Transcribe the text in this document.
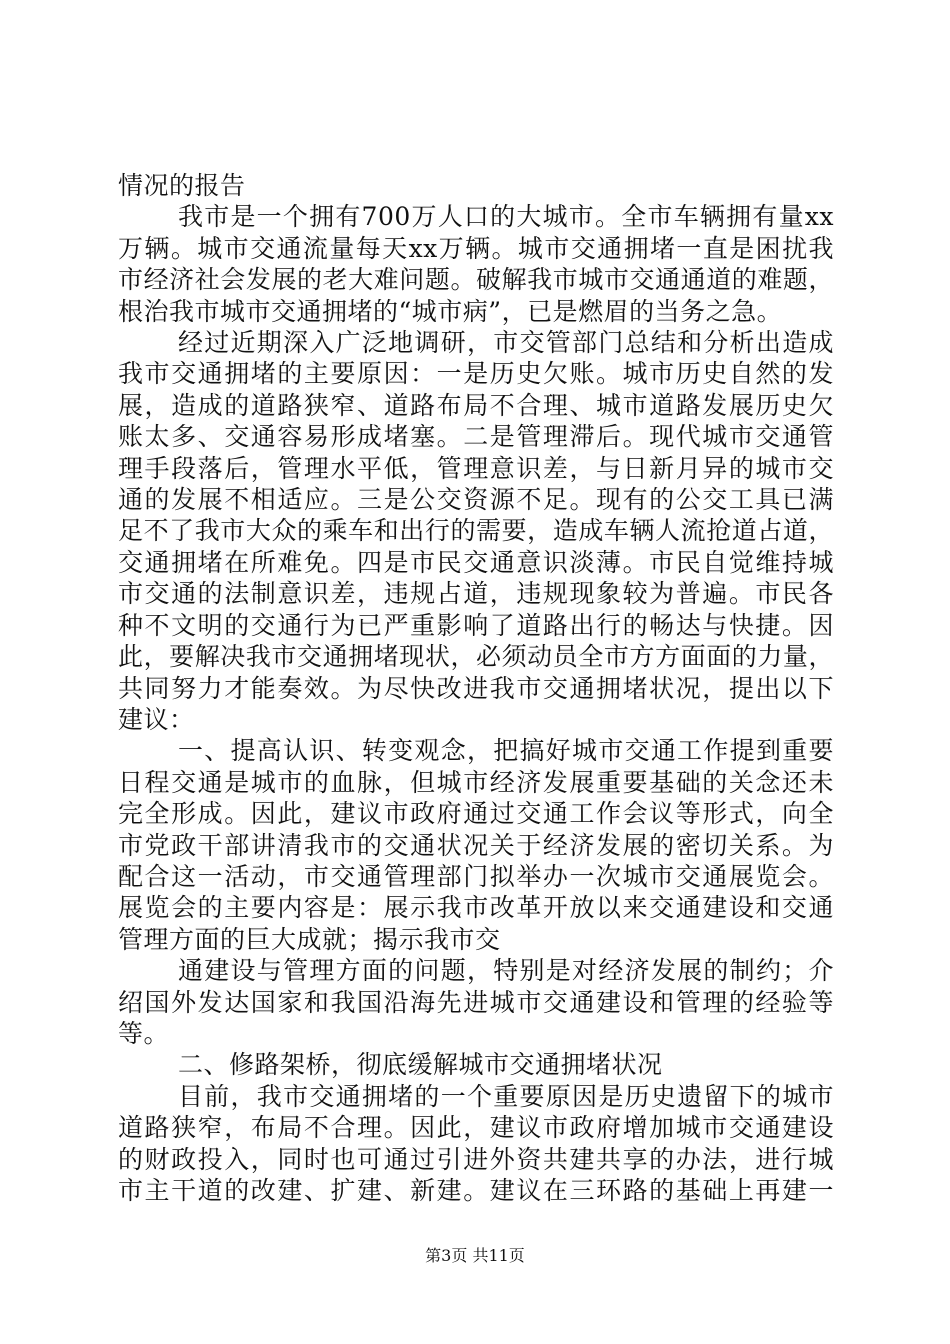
情况的报告
我市是一个拥有700万人口的大城市。全市车辆拥有量xx
万辆。城市交通流量每天xx万辆。城市交通拥堵一直是困扰我
市经济社会发展的老大难问题。破解我市城市交通通道的难题，
根治我市城市交通拥堵的“城市病”，已是燃眉的当务之急。
经过近期深入广泛地调研，市交管部门总结和分析出造成
我市交通拥堵的主要原因：一是历史欠账。城市历史自然的发
展，造成的道路狭窄、道路布局不合理、城市道路发展历史欠
账太多、交通容易形成堵塞。二是管理滞后。现代城市交通管
理手段落后，管理水平低，管理意识差，与日新月异的城市交
通的发展不相适应。三是公交资源不足。现有的公交工具已满
足不了我市大众的乘车和出行的需要，造成车辆人流抢道占道，
交通拥堵在所难免。四是市民交通意识淡薄。市民自觉维持城
市交通的法制意识差，违规占道，违规现象较为普遍。市民各
种不文明的交通行为已严重影响了道路出行的畅达与快捷。因
此，要解决我市交通拥堵现状，必须动员全市方方面面的力量，
共同努力才能奏效。为尽快改进我市交通拥堵状况，提出以下
建议：
一、提高认识、转变观念，把搞好城市交通工作提到重要
日程交通是城市的血脉，但城市经济发展重要基础的关念还未
完全形成。因此，建议市政府通过交通工作会议等形式，向全
市党政干部讲清我市的交通状况关于经济发展的密切关系。为
配合这一活动，市交通管理部门拟举办一次城市交通展览会。
展览会的主要内容是：展示我市改革开放以来交通建设和交通
管理方面的巨大成就；揭示我市交
通建设与管理方面的问题，特别是对经济发展的制约；介
绍国外发达国家和我国沿海先进城市交通建设和管理的经验等
等。
二、修路架桥，彻底缓解城市交通拥堵状况
目前，我市交通拥堵的一个重要原因是历史遗留下的城市
道路狭窄，布局不合理。因此，建议市政府增加城市交通建设
的财政投入，同时也可通过引进外资共建共享的办法，进行城
市主干道的改建、扩建、新建。建议在三环路的基础上再建一
第3页 共11页
